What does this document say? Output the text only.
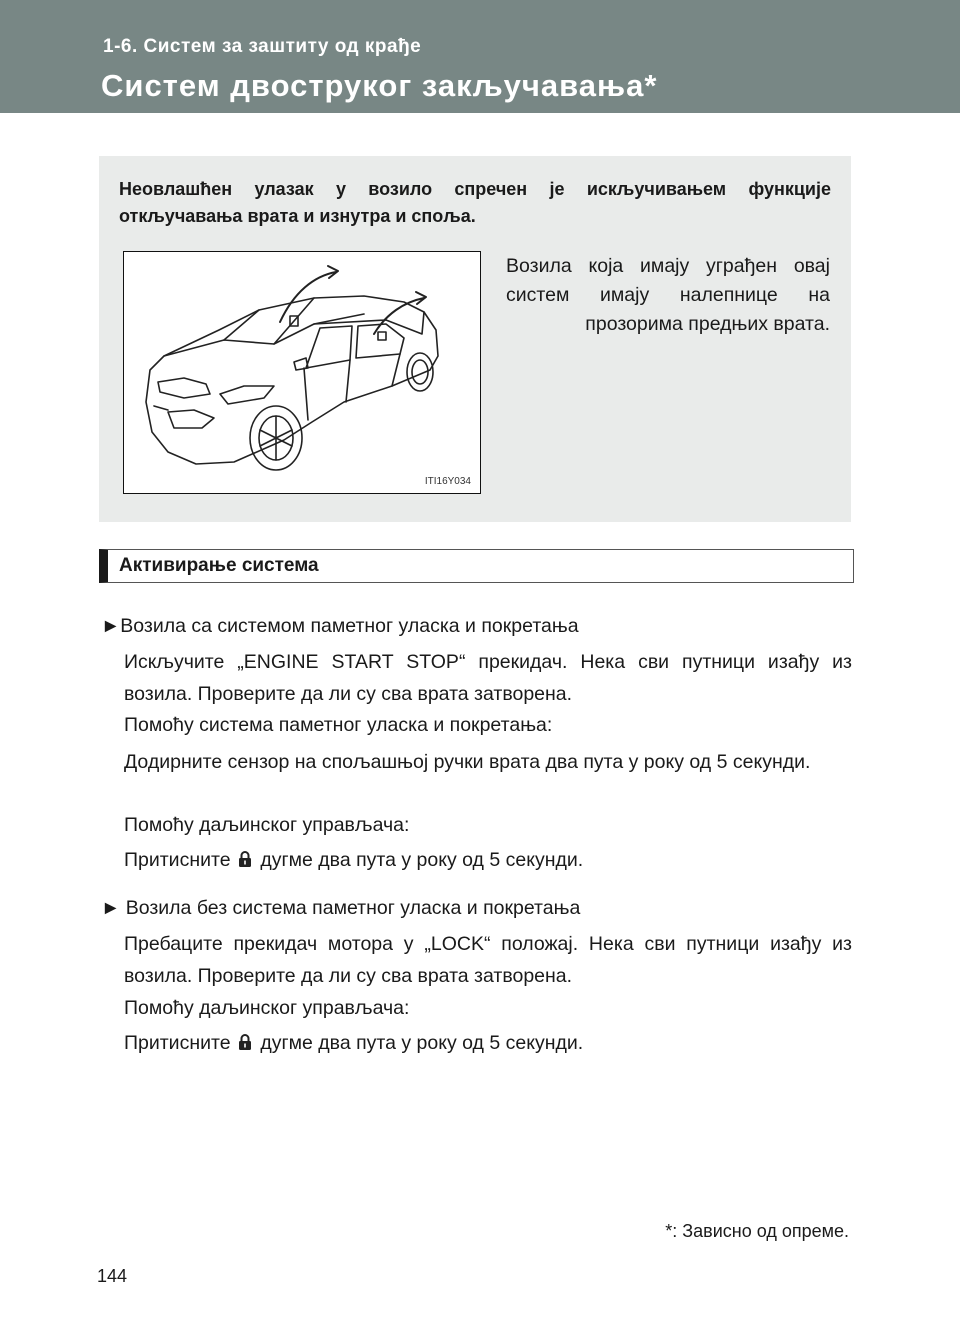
1-6. Систем за заштиту од крађе
Систем двоструког закључавања*
Неовлашћен улазак у возило спречен је искључивањем функције откључавања врата и изнутра и споља.
ITI16Y034
Возила која имају уграђен овај систем имају налепнице на прозорима предњих врата.
Активирање система
►Возила са системом паметног уласка и покретања
Искључите „ENGINE START STOP“ прекидач. Нека сви путници изађу из возила. Проверите да ли су сва врата затворена.
Помоћу система паметног уласка и покретања:
Додирните сензор на спољашњој ручки врата два пута у року од 5 секунди.
Помоћу даљинског управљача:
Притисните дугме два пута у року од 5 секунди.
► Возила без система паметног уласка и покретања
Пребаците прекидач мотора у „LOCK“ положај. Нека сви путници изађу из возила. Проверите да ли су сва врата затворена.
Помоћу даљинског управљача:
Притисните дугме два пута у року од 5 секунди.
*: Зависно од опреме.
144
